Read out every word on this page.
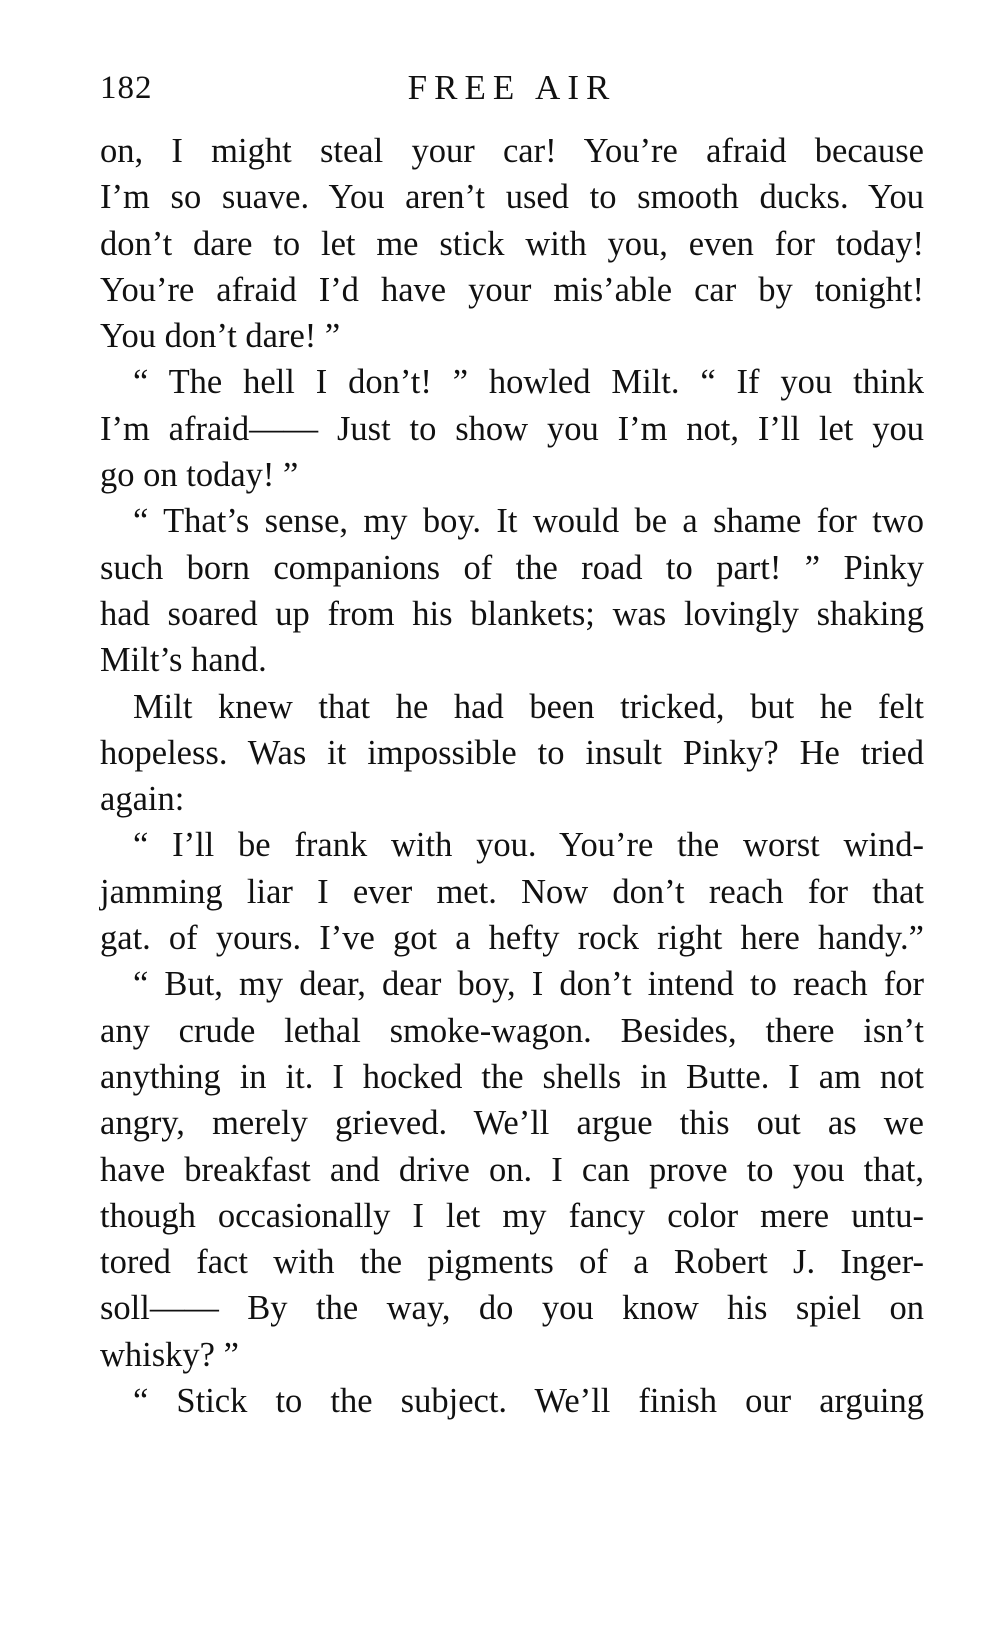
182	FREE AIR
on, I might steal your car! You’re afraid because
I’m so suave. You aren’t used to smooth ducks. You
don’t dare to let me stick with you, even for today!
You’re afraid I’d have your mis’able car by tonight!
You don’t dare! ”
“ The hell I don’t! ” howled Milt. “ If you think
I’m afraid—— Just to show you I’m not, I’ll let you
go on today! ”
“ That’s sense, my boy. It would be a shame for two
such born companions of the road to part! ” Pinky
had soared up from his blankets; was lovingly shaking
Milt’s hand.
Milt knew that he had been tricked, but he felt
hopeless. Was it impossible to insult Pinky? He tried
again:
“ I’ll be frank with you. You’re the worst wind-
jamming liar I ever met. Now don’t reach for that
gat. of yours. I’ve got a hefty rock right here handy.”
“ But, my dear, dear boy, I don’t intend to reach for
any crude lethal smoke-wagon. Besides, there isn’t
anything in it. I hocked the shells in Butte. I am not
angry, merely grieved. We’ll argue this out as we
have breakfast and drive on. I can prove to you that,
though occasionally I let my fancy color mere untu-
tored fact with the pigments of a Robert J. Inger-
soll—— By the way, do you know his spiel on
whisky? ”
“ Stick to the subject. We’ll finish our arguing
